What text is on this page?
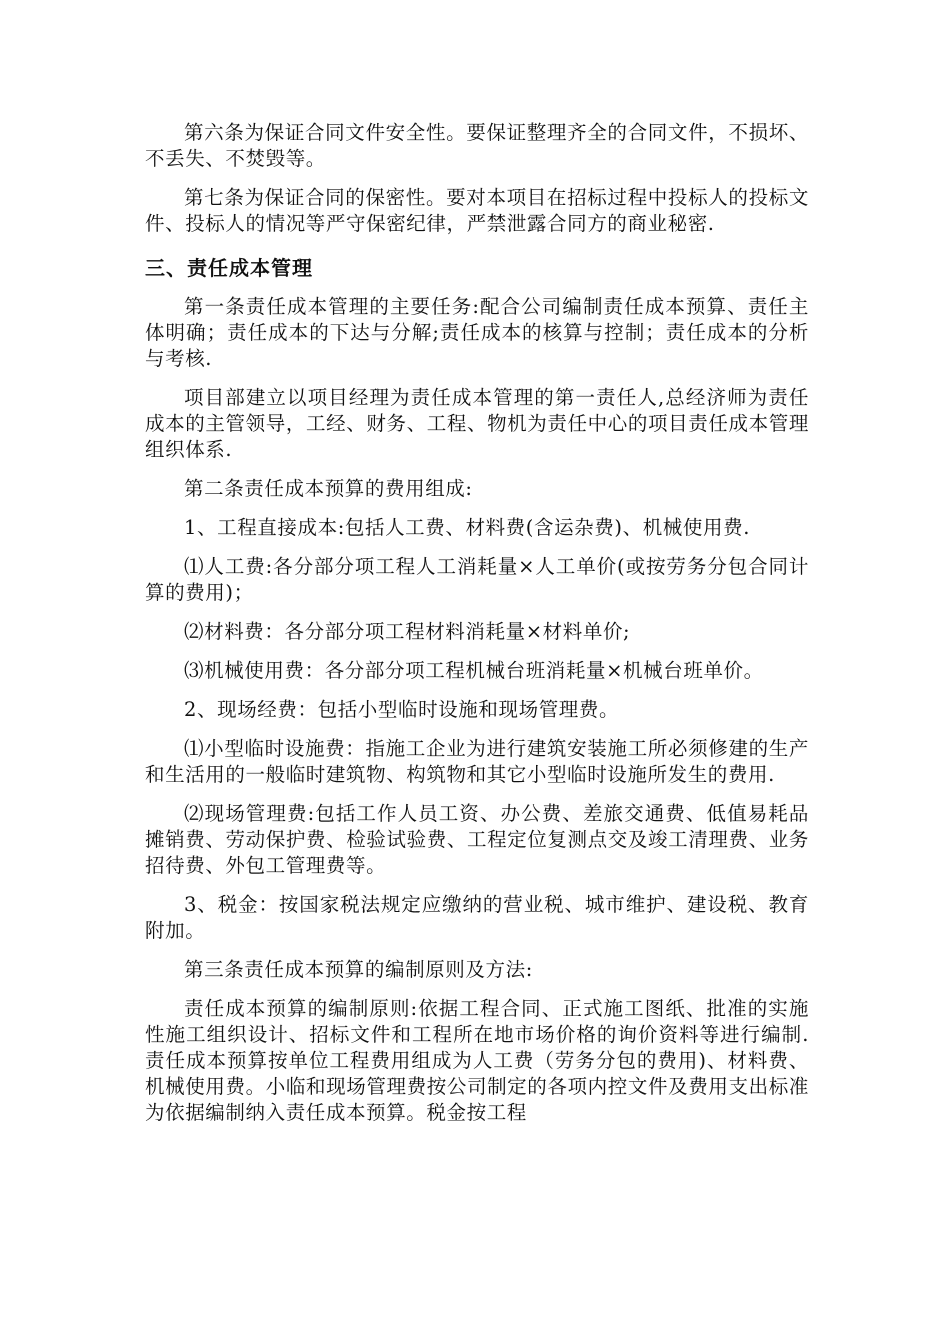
第六条为保证合同文件安全性。要保证整理齐全的合同文件，不损坏、不丢失、不焚毁等。

第七条为保证合同的保密性。要对本项目在招标过程中投标人的投标文件、投标人的情况等严守保密纪律，严禁泄露合同方的商业秘密.

三、责任成本管理

第一条责任成本管理的主要任务:配合公司编制责任成本预算、责任主体明确；责任成本的下达与分解;责任成本的核算与控制；责任成本的分析与考核.

项目部建立以项目经理为责任成本管理的第一责任人,总经济师为责任成本的主管领导，工经、财务、工程、物机为责任中心的项目责任成本管理组织体系.

第二条责任成本预算的费用组成:

1、工程直接成本:包括人工费、材料费(含运杂费)、机械使用费.

⑴人工费:各分部分项工程人工消耗量×人工单价(或按劳务分包合同计算的费用)；

⑵材料费：各分部分项工程材料消耗量×材料单价;

⑶机械使用费：各分部分项工程机械台班消耗量×机械台班单价。

2、现场经费：包括小型临时设施和现场管理费。

⑴小型临时设施费：指施工企业为进行建筑安装施工所必须修建的生产和生活用的一般临时建筑物、构筑物和其它小型临时设施所发生的费用.

⑵现场管理费:包括工作人员工资、办公费、差旅交通费、低值易耗品摊销费、劳动保护费、检验试验费、工程定位复测点交及竣工清理费、业务招待费、外包工管理费等。

3、税金：按国家税法规定应缴纳的营业税、城市维护、建设税、教育附加。

第三条责任成本预算的编制原则及方法:

责任成本预算的编制原则:依据工程合同、正式施工图纸、批准的实施性施工组织设计、招标文件和工程所在地市场价格的询价资料等进行编制.责任成本预算按单位工程费用组成为人工费（劳务分包的费用)、材料费、机械使用费。小临和现场管理费按公司制定的各项内控文件及费用支出标准为依据编制纳入责任成本预算。税金按工程
